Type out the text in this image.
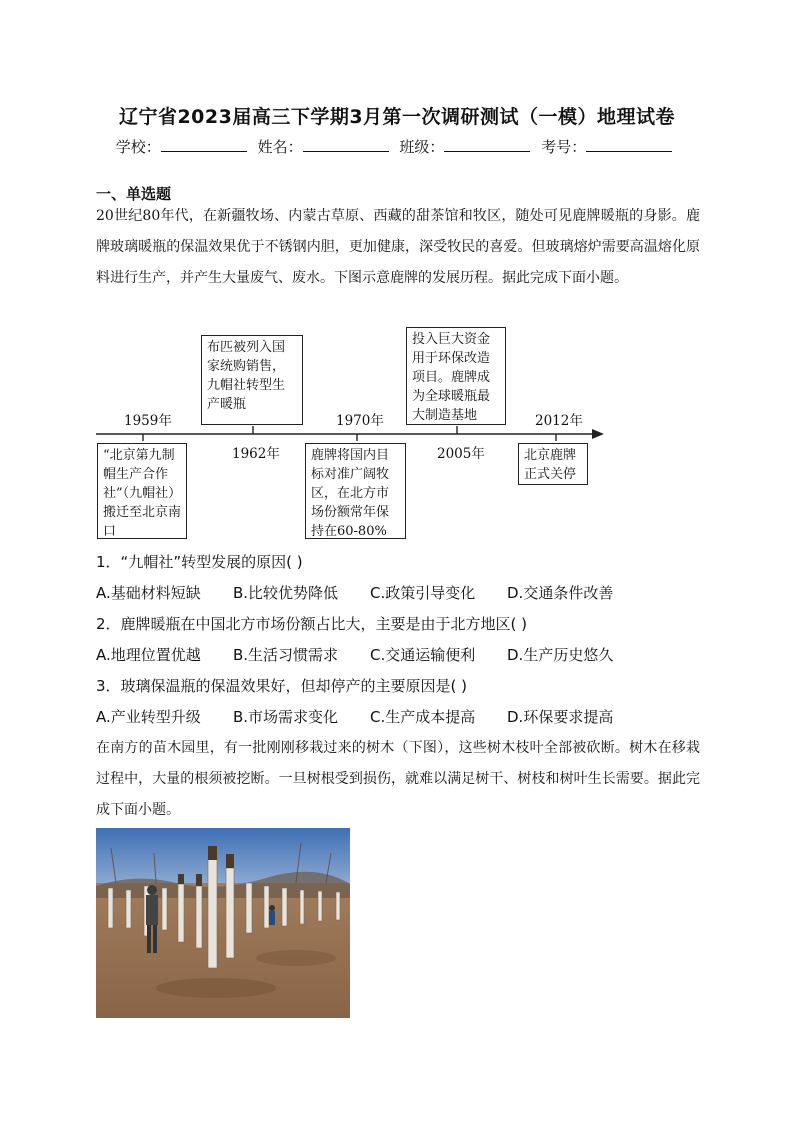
辽宁省2023届高三下学期3月第一次调研测试（一模）地理试卷
学校：	姓名：	班级：	考号：
一、单选题
20世纪80年代，在新疆牧场、内蒙古草原、西藏的甜茶馆和牧区，随处可见鹿牌暖瓶的身影。鹿牌玻璃暖瓶的保温效果优于不锈钢内胆，更加健康，深受牧民的喜爱。但玻璃熔炉需要高温熔化原料进行生产，并产生大量废气、废水。下图示意鹿牌的发展历程。据此完成下面小题。
1959年
1962年
1970年
2005年
2012年
“北京第九制帽生产合作社”（九帽社）搬迁至北京南口
布匹被列入国家统购销售，九帽社转型生产暖瓶
鹿牌将国内目标对准广阔牧区，在北方市场份额常年保持在60-80%
投入巨大资金用于环保改造项目。鹿牌成为全球暖瓶最大制造基地
北京鹿牌正式关停
1．“九帽社”转型发展的原因( )
A.基础材料短缺 B.比较优势降低 C.政策引导变化 D.交通条件改善
2．鹿牌暖瓶在中国北方市场份额占比大，主要是由于北方地区( )
A.地理位置优越 B.生活习惯需求 C.交通运输便利 D.生产历史悠久
3．玻璃保温瓶的保温效果好，但却停产的主要原因是( )
A.产业转型升级 B.市场需求变化 C.生产成本提高 D.环保要求提高
在南方的苗木园里，有一批刚刚移栽过来的树木（下图），这些树木枝叶全部被砍断。树木在移栽过程中，大量的根须被挖断。一旦树根受到损伤，就难以满足树干、树枝和树叶生长需要。据此完成下面小题。
